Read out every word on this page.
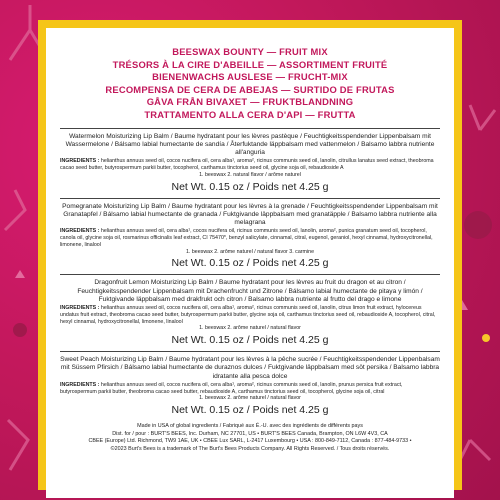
BEESWAX BOUNTY — FRUIT MIX
TRÉSORS À LA CIRE D'ABEILLE — ASSORTIMENT FRUITÉ
BIENENWACHS AUSLESE — FRUCHT-MIX
RECOMPENSA DE CERA DE ABEJAS — SURTIDO DE FRUTAS
GÅVA FRÅN BIVAXET — FRUKTBLANDNING
TRATTAMENTO ALLA CERA D'API — FRUTTA
Watermelon Moisturizing Lip Balm / Baume hydratant pour les lèvres pastèque / Feuchtigkeitsspendender Lippenbalsam mit Wassermelone / Bálsamo labial humectante de sandía / Återfuktande läppbalsam med vattenmelon / Balsamo labbra nutriente all'anguria
INGREDIENTS : helianthus annuus seed oil, cocos nucifera oil, cera alba¹, aroma², ricinus communis seed oil, lanolin, citrullus lanatus seed extract, theobroma cacao seed butter, butyrospermum parkii butter, tocopherol, carthamus tinctorius seed oil, glycine soja oil, rebaudioside A
1. beeswax 2. natural flavor / arôme naturel
Net Wt. 0.15 oz / Poids net 4.25 g
Pomegranate Moisturizing Lip Balm / Baume hydratant pour les lèvres à la grenade / Feuchtigkeitsspendender Lippenbalsam mit Granatapfel / Bálsamo labial humectante de granada / Fuktgivande läppbalsam med granatäpple / Balsamo labbra nutriente alla melagrana
INGREDIENTS : helianthus annuus seed oil, cera alba¹, cocos nucifera oil, ricinus communis seed oil, lanolin, aroma², punica granatum seed oil, tocopherol, canola oil, glycine soja oil, rosmarinus officinalis leaf extract, CI 75470*, benzyl salicylate, cinnamal, citral, eugenol, geraniol, hexyl cinnamal, hydroxycitronellal, limonene, linalool
1. beeswax 2. arôme naturel / natural flavor 3. carmine
Net Wt. 0.15 oz / Poids net 4.25 g
Dragonfruit Lemon Moisturizing Lip Balm / Baume hydratant pour les lèvres au fruit du dragon et au citron / Feuchtigkeitsspendender Lippenbalsam mit Drachenfrucht und Zitrone / Bálsamo labial humectante de pitaya y limón / Fuktgivande läppbalsam med drakfrukt och citron / Balsamo labbra nutriente al frutto del drago e limone
INGREDIENTS : helianthus annuus seed oil, cocos nucifera oil, cera alba¹, aroma², ricinus communis seed oil, lanolin, citrus limon fruit extract, hylocereus undatus fruit extract, theobroma cacao seed butter, butyrospermum parkii butter, glycine soja oil, carthamus tinctorius seed oil, rebaudioside A, tocopherol, citral, hexyl cinnamal, hydroxycitronellal, limonene, linalool
1. beeswax 2. arôme naturel / natural flavor
Net Wt. 0.15 oz / Poids net 4.25 g
Sweet Peach Moisturizing Lip Balm / Baume hydratant pour les lèvres à la pêche sucrée / Feuchtigkeitsspendender Lippenbalsam mit Süssem Pfirsich / Bálsamo labial humectante de duraznos dulces / Fuktgivande läppbalsam med söt persika / Balsamo labbra idratante alla pesca dolce
INGREDIENTS : helianthus annuus seed oil, cocos nucifera oil, cera alba¹, aroma², ricinus communis seed oil, lanolin, prunus persica fruit extract, butyrospermum parkii butter, theobroma cacao seed butter, rebaudioside A, carthamus tinctorius seed oil, tocopherol, glycine soja oil, citral
1. beeswax 2. arôme naturel / natural flavor
Net Wt. 0.15 oz / Poids net 4.25 g
Made in USA of global ingredients / Fabriqué aux É.-U. avec des ingrédients de différents pays
Dist. for / pour : BURT'S BEES, Inc. Durham, NC 27701, US • BURT'S BEES Canada, Brampton, ON L6W 4V3, CA
CBEE (Europe) Ltd. Richmond, TW9 1AE, UK • CBEE Lux SARL, L-2417 Luxembourg • USA : 800-849-7112, Canada : 877-484-9733 •
©2023 Burt's Bees is a trademark of The Burt's Bees Products Company. All Rights Reserved. / Tous droits réservés.
